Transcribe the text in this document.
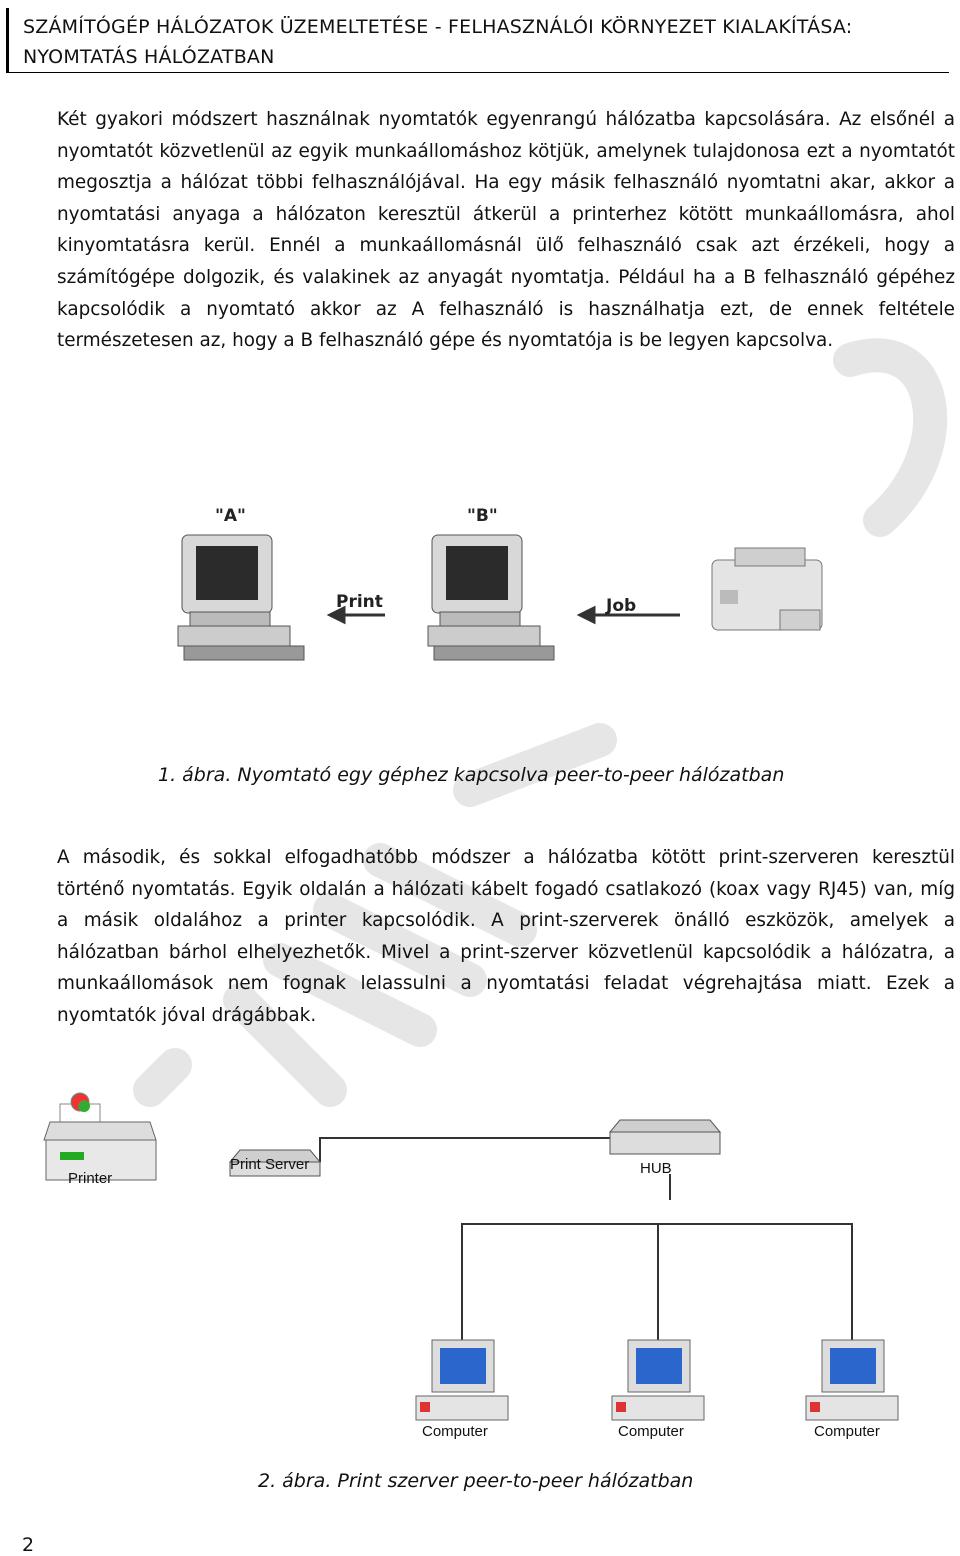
SZÁMÍTÓGÉP HÁLÓZATOK ÜZEMELTETÉSE - FELHASZNÁLÓI KÖRNYEZET KIALAKÍTÁSA:
NYOMTATÁS HÁLÓZATBAN

Két gyakori módszert használnak nyomtatók egyenrangú hálózatba kapcsolására. Az elsőnél a nyomtatót közvetlenül az egyik munkaállomáshoz kötjük, amelynek tulajdonosa ezt a nyomtatót megosztja a hálózat többi felhasználójával. Ha egy másik felhasználó nyomtatni akar, akkor a nyomtatási anyaga a hálózaton keresztül átkerül a printerhez kötött munkaállomásra, ahol kinyomtatásra kerül. Ennél a munkaállomásnál ülő felhasználó csak azt érzékeli, hogy a számítógépe dolgozik, és valakinek az anyagát nyomtatja. Például ha a B felhasználó gépéhez kapcsolódik a nyomtató akkor az A felhasználó is használhatja ezt, de ennek feltétele természetesen az, hogy a B felhasználó gépe és nyomtatója is be legyen kapcsolva.

"A"	"B"
Print	Job
1. ábra. Nyomtató egy géphez kapcsolva peer-to-peer hálózatban

A második, és sokkal elfogadhatóbb módszer a hálózatba kötött print-szerveren keresztül történő nyomtatás. Egyik oldalán a hálózati kábelt fogadó csatlakozó (koax vagy RJ45) van, míg a másik oldalához a printer kapcsolódik. A print-szerverek önálló eszközök, amelyek a hálózatban bárhol elhelyezhetők. Mivel a print-szerver közvetlenül kapcsolódik a hálózatra, a munkaállomások nem fognak lelassulni a nyomtatási feladat végrehajtása miatt. Ezek a nyomtatók jóval drágábbak.

Printer
Print Server	HUB
Computer	Computer	Computer
2. ábra. Print szerver peer-to-peer hálózatban
2
